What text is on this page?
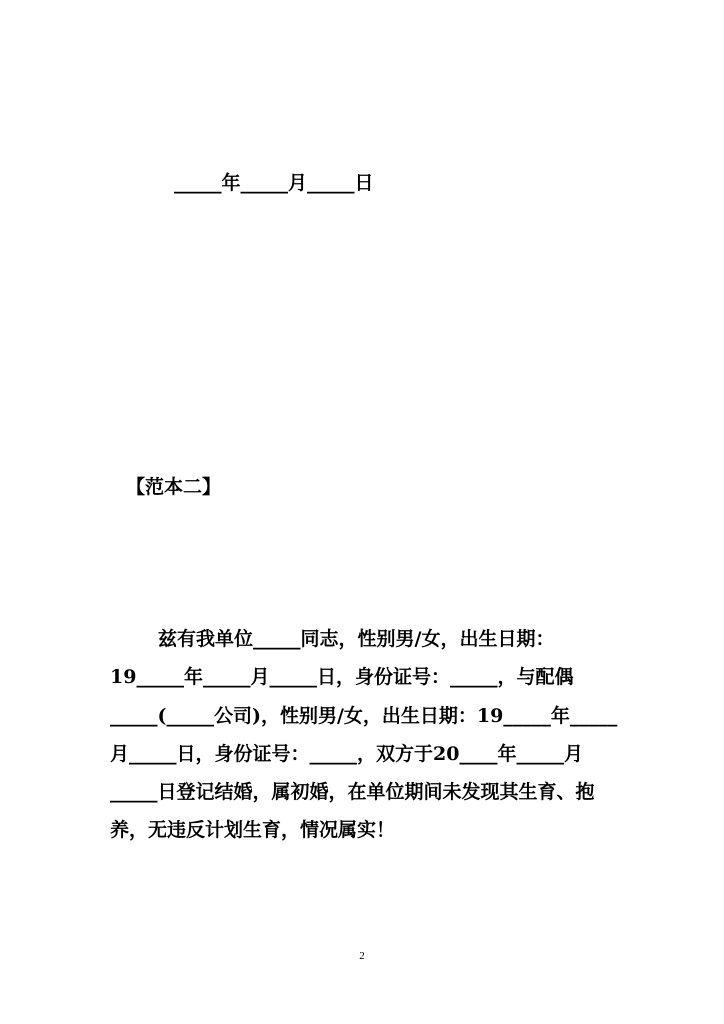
_____年_____月_____日
【范本二】
兹有我单位_____同志，性别男/女，出生日期：
19_____年_____月_____日，身份证号：_____，与配偶
_____(_____公司)，性别男/女，出生日期：19_____年_____
月_____日，身份证号：_____，双方于20____年_____月
_____日登记结婚，属初婚，在单位期间未发现其生育、抱
养，无违反计划生育，情况属实！
2
